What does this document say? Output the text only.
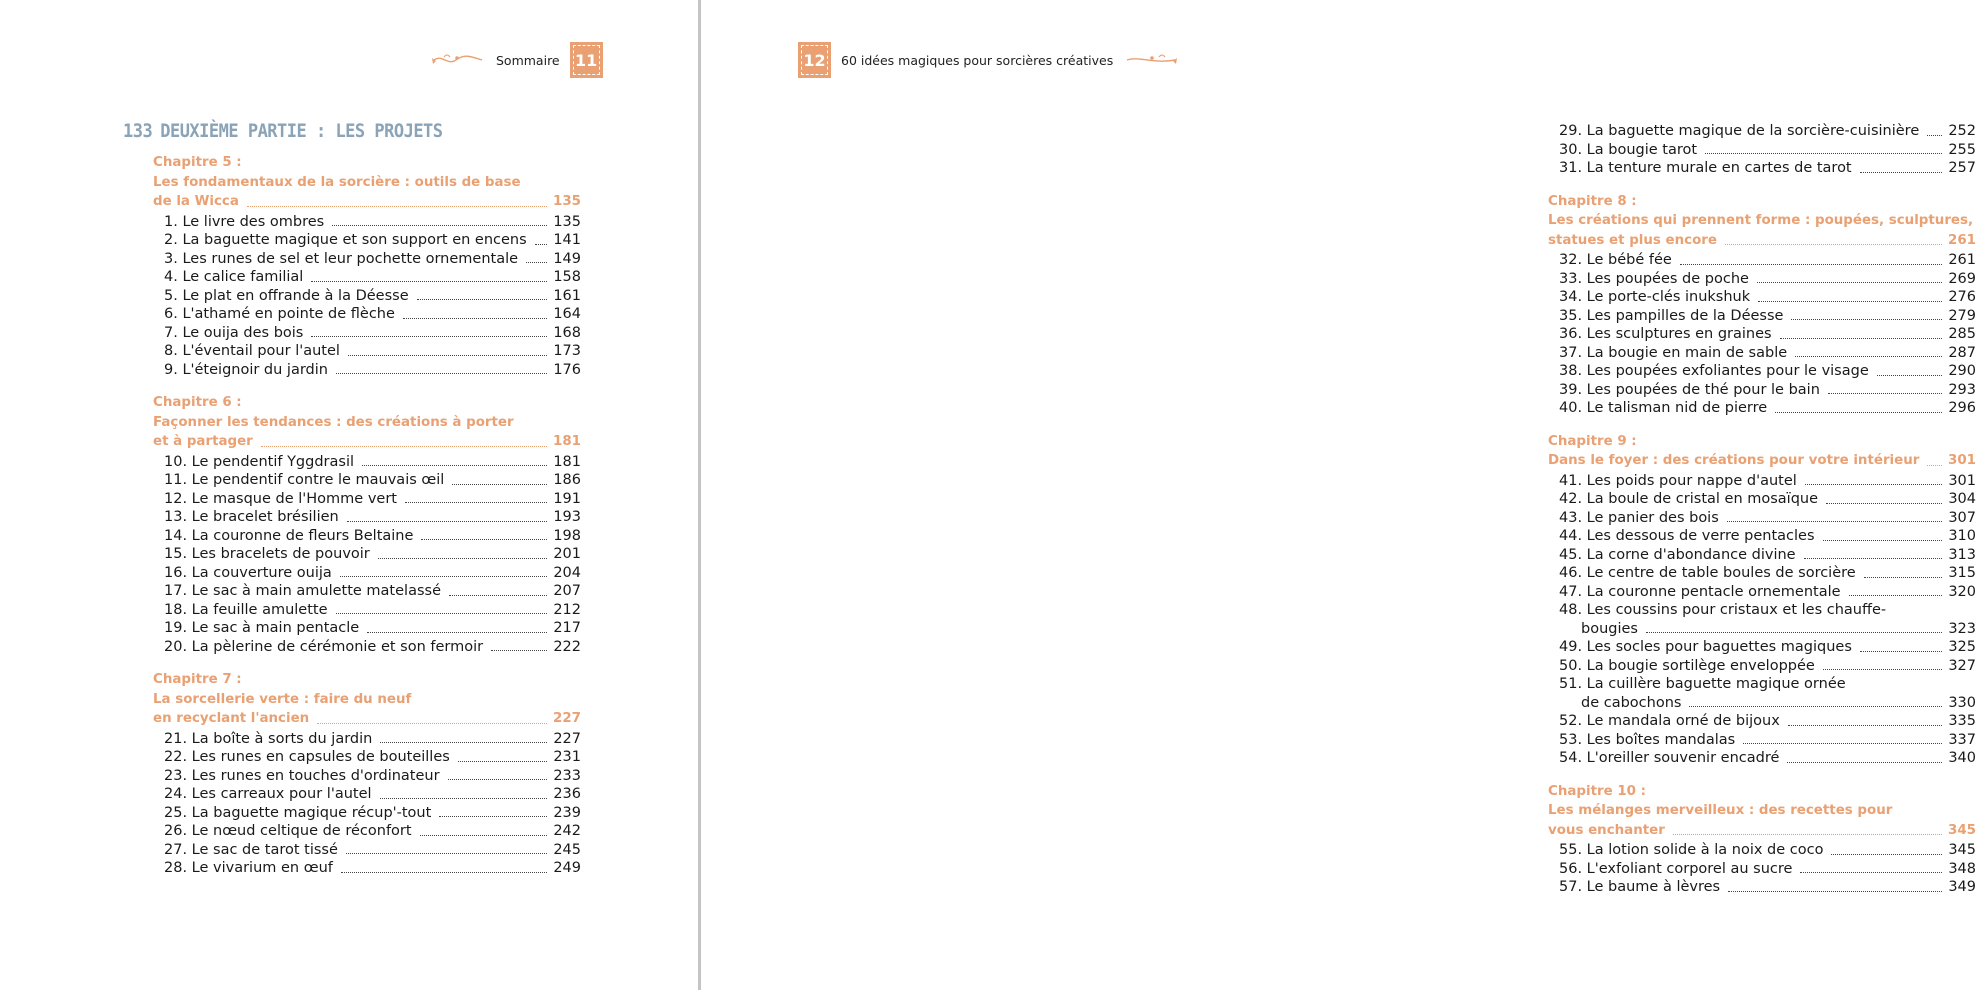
Sommaire 11
133 DEUXIÈME PARTIE : LES PROJETS
Chapitre 5 :
Les fondamentaux de la sorcière : outils de base
de la Wicca	135
1. Le livre des ombres	135
2. La baguette magique et son support en encens 141
3. Les runes de sel et leur pochette ornementale 149
4. Le calice familial	158
5. Le plat en offrande à la Déesse	161
6. L'athamé en pointe de flèche	164
7. Le ouija des bois	168
8. L'éventail pour l'autel	173
9. L'éteignoir du jardin	176
Chapitre 6 :
Façonner les tendances : des créations à porter
et à partager	181
10. Le pendentif Yggdrasil	181
11. Le pendentif contre le mauvais œil	186
12. Le masque de l'Homme vert	191
13. Le bracelet brésilien	193
14. La couronne de fleurs Beltaine	198
15. Les bracelets de pouvoir	201
16. La couverture ouija	204
17. Le sac à main amulette matelassé	207
18. La feuille amulette	212
19. Le sac à main pentacle	217
20. La pèlerine de cérémonie et son fermoir	222
Chapitre 7 :
La sorcellerie verte : faire du neuf
en recyclant l'ancien	227
21. La boîte à sorts du jardin	227
22. Les runes en capsules de bouteilles	231
23. Les runes en touches d'ordinateur	233
24. Les carreaux pour l'autel	236
25. La baguette magique récup'-tout	239
26. Le nœud celtique de réconfort	242
27. Le sac de tarot tissé	245
28. Le vivarium en œuf	249
12	60 idées magiques pour sorcières créatives
29. La baguette magique de la sorcière-cuisinière 252
30. La bougie tarot	255
31. La tenture murale en cartes de tarot	257
Chapitre 8 :
Les créations qui prennent forme : poupées, sculptures,
statues et plus encore	261
32. Le bébé fée	261
33. Les poupées de poche	269
34. Le porte-clés inukshuk	276
35. Les pampilles de la Déesse	279
36. Les sculptures en graines	285
37. La bougie en main de sable	287
38. Les poupées exfoliantes pour le visage	290
39. Les poupées de thé pour le bain	293
40. Le talisman nid de pierre	296
Chapitre 9 :
Dans le foyer : des créations pour votre intérieur 301
41. Les poids pour nappe d'autel	301
42. La boule de cristal en mosaïque	304
43. Le panier des bois	307
44. Les dessous de verre pentacles	310
45. La corne d'abondance divine	313
46. Le centre de table boules de sorcière	315
47. La couronne pentacle ornementale	320
48. Les coussins pour cristaux et les chauffe-
bougies	323
49. Les socles pour baguettes magiques	325
50. La bougie sortilège enveloppée	327
51. La cuillère baguette magique ornée
de cabochons	330
52. Le mandala orné de bijoux	335
53. Les boîtes mandalas	337
54. L'oreiller souvenir encadré	340
Chapitre 10 :
Les mélanges merveilleux : des recettes pour
vous enchanter	345
55. La lotion solide à la noix de coco	345
56. L'exfoliant corporel au sucre	348
57. Le baume à lèvres	349
